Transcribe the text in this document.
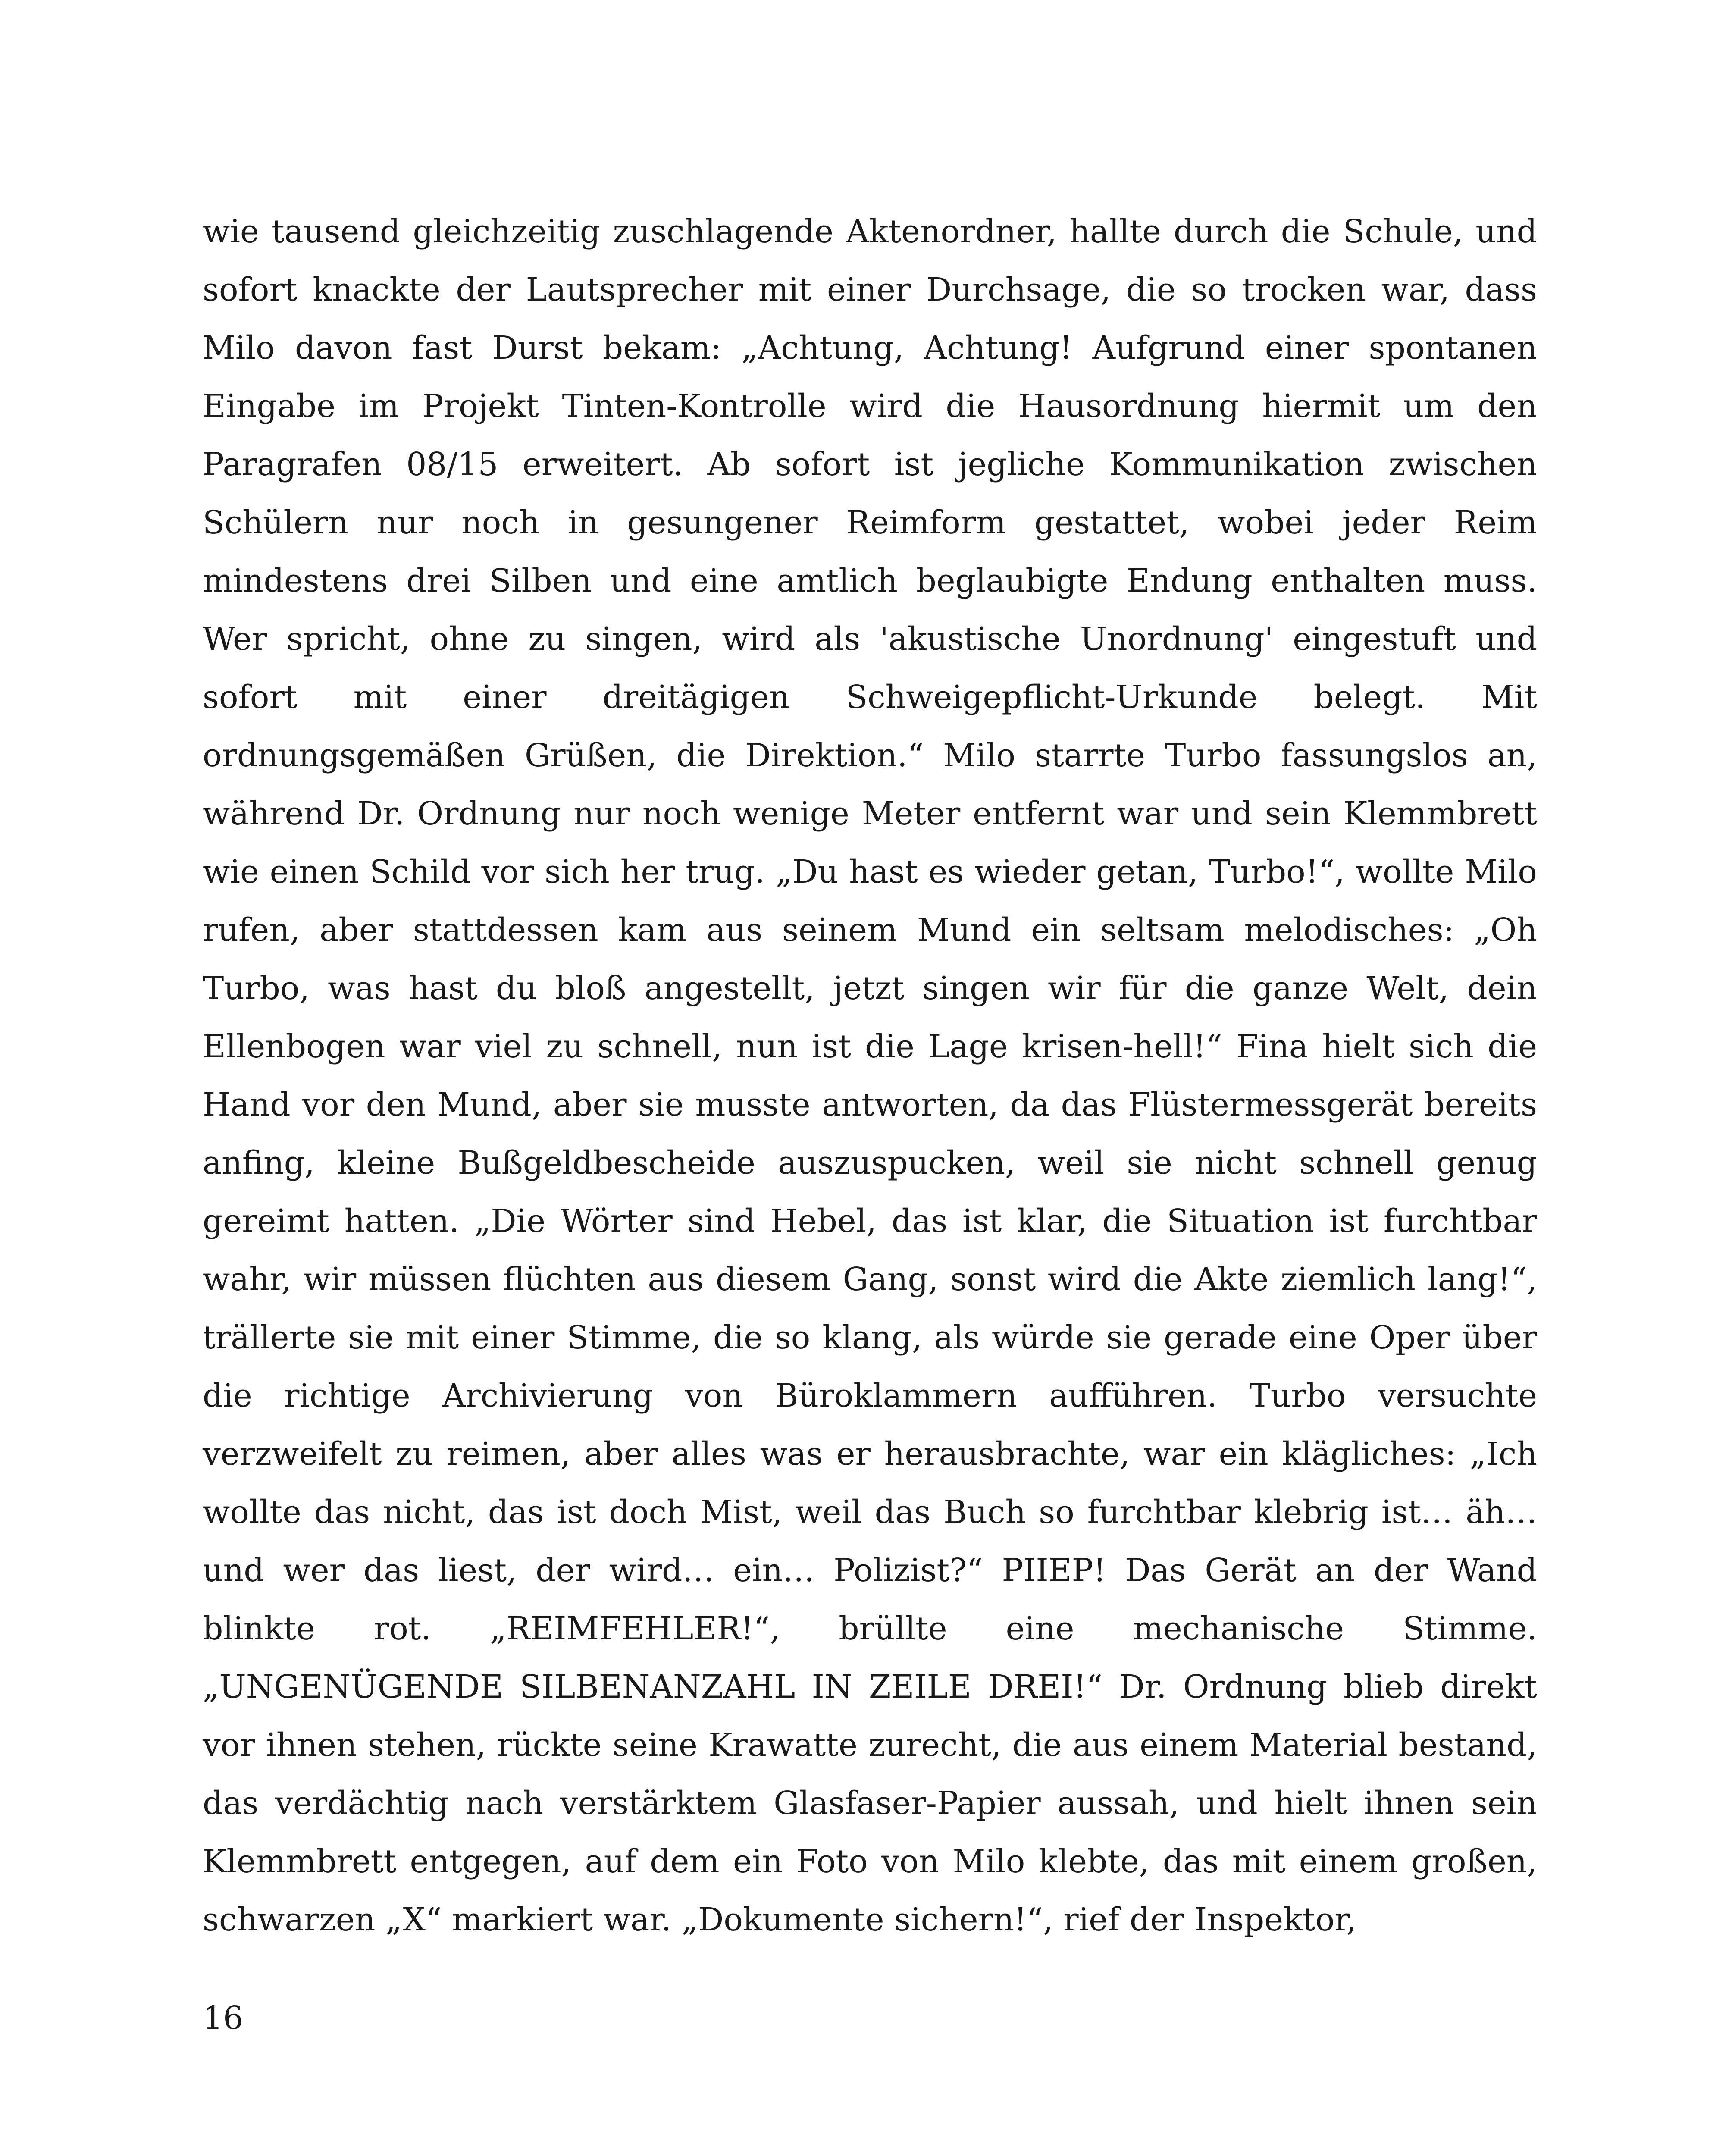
wie tausend gleichzeitig zuschlagende Aktenordner, hallte durch die Schule, und sofort knackte der Lautsprecher mit einer Durchsage, die so trocken war, dass Milo davon fast Durst bekam: „Achtung, Achtung! Aufgrund einer spontanen Eingabe im Projekt Tinten-Kontrolle wird die Hausordnung hiermit um den Paragrafen 08/15 erweitert. Ab sofort ist jegliche Kommunikation zwischen Schülern nur noch in gesungener Reimform gestattet, wobei jeder Reim mindestens drei Silben und eine amtlich beglaubigte Endung enthalten muss. Wer spricht, ohne zu singen, wird als 'akustische Unordnung' eingestuft und sofort mit einer dreitägigen Schweigepflicht-Urkunde belegt. Mit ordnungsgemäßen Grüßen, die Direktion.“ Milo starrte Turbo fassungslos an, während Dr. Ordnung nur noch wenige Meter entfernt war und sein Klemmbrett wie einen Schild vor sich her trug. „Du hast es wieder getan, Turbo!“, wollte Milo rufen, aber stattdessen kam aus seinem Mund ein seltsam melodisches: „Oh Turbo, was hast du bloß angestellt, jetzt singen wir für die ganze Welt, dein Ellenbogen war viel zu schnell, nun ist die Lage krisen-hell!“ Fina hielt sich die Hand vor den Mund, aber sie musste antworten, da das Flüstermessgerät bereits anfing, kleine Bußgeldbescheide auszuspucken, weil sie nicht schnell genug gereimt hatten. „Die Wörter sind Hebel, das ist klar, die Situation ist furchtbar wahr, wir müssen flüchten aus diesem Gang, sonst wird die Akte ziemlich lang!“, trällerte sie mit einer Stimme, die so klang, als würde sie gerade eine Oper über die richtige Archivierung von Büroklammern aufführen. Turbo versuchte verzweifelt zu reimen, aber alles was er herausbrachte, war ein klägliches: „Ich wollte das nicht, das ist doch Mist, weil das Buch so furchtbar klebrig ist… äh… und wer das liest, der wird… ein… Polizist?“ PIIEP! Das Gerät an der Wand blinkte rot. „REIMFEHLER!“, brüllte eine mechanische Stimme. „UNGENÜGENDE SILBENANZAHL IN ZEILE DREI!“ Dr. Ordnung blieb direkt vor ihnen stehen, rückte seine Krawatte zurecht, die aus einem Material bestand, das verdächtig nach verstärktem Glasfaser-Papier aussah, und hielt ihnen sein Klemmbrett entgegen, auf dem ein Foto von Milo klebte, das mit einem großen, schwarzen „X“ markiert war. „Dokumente sichern!“, rief der Inspektor,

16
